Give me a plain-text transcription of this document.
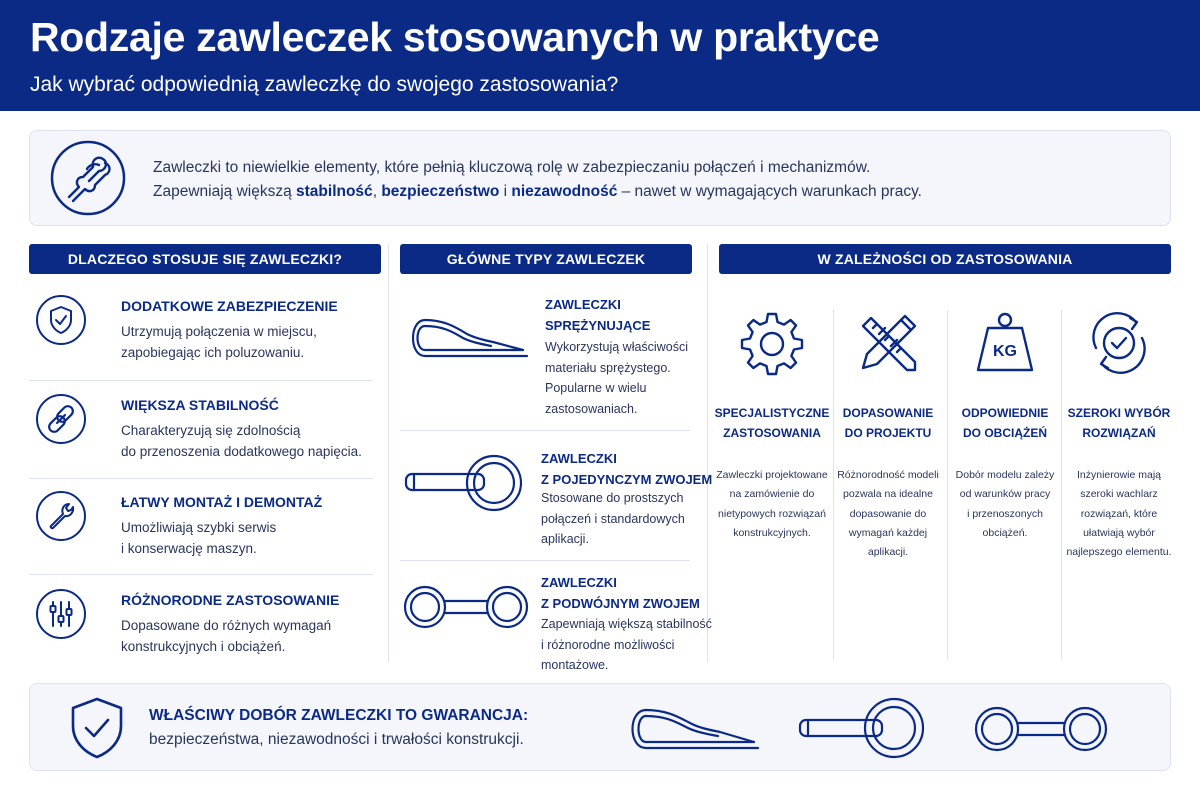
Rodzaje zawleczek stosowanych w praktyce
Jak wybrać odpowiednią zawleczkę do swojego zastosowania?

Zawleczki to niewielkie elementy, które pełnią kluczową rolę w zabezpieczaniu połączeń i mechanizmów.

Zapewniają większą stabilność, bezpieczeństwo i niezawodność – nawet w wymagających warunkach pracy.

DLACZEGO STOSUJE SIĘ ZAWLECZKI?	GŁÓWNE TYPY ZAWLECZEK	W ZALEŻNOŚCI OD ZASTOSOWANIA
DODATKOWE ZABEZPIECZENIE
Utrzymują połączenia w miejscu,
zapobiegając ich poluzowaniu.
WIĘKSZA STABILNOŚĆ
Charakteryzują się zdolnością
do przenoszenia dodatkowego napięcia.
ŁATWY MONTAŻ I DEMONTAŻ
Umożliwiają szybki serwis
i konserwację maszyn.
RÓŻNORODNE ZASTOSOWANIE
Dopasowane do różnych wymagań
konstrukcyjnych i obciążeń.
ZAWLECZKI
SPRĘŻYNUJĄCE
Wykorzystują właściwości
materiału sprężystego.
Popularne w wielu
zastosowaniach.
ZAWLECZKI
Z POJEDYNCZYM ZWOJEM
Stosowane do prostszych
połączeń i standardowych
aplikacji.
ZAWLECZKI
Z PODWÓJNYM ZWOJEM
Zapewniają większą stabilność
i różnorodne możliwości
montażowe.
SPECJALISTYCZNE
ZASTOSOWANIA
Zawleczki projektowane
na zamówienie do
nietypowych rozwiązań
konstrukcyjnych.
DOPASOWANIE
DO PROJEKTU
Różnorodność modeli
pozwala na idealne
dopasowanie do
wymagań każdej
aplikacji.
KG
ODPOWIEDNIE
DO OBCIĄŻEŃ
Dobór modelu zależy
od warunków pracy
i przenoszonych
obciążeń.
SZEROKI WYBÓR
ROZWIĄZAŃ
Inżynierowie mają
szeroki wachlarz
rozwiązań, które
ułatwiają wybór
najlepszego elementu.
WŁAŚCIWY DOBÓR ZAWLECZKI TO GWARANCJA:
bezpieczeństwa, niezawodności i trwałości konstrukcji.
